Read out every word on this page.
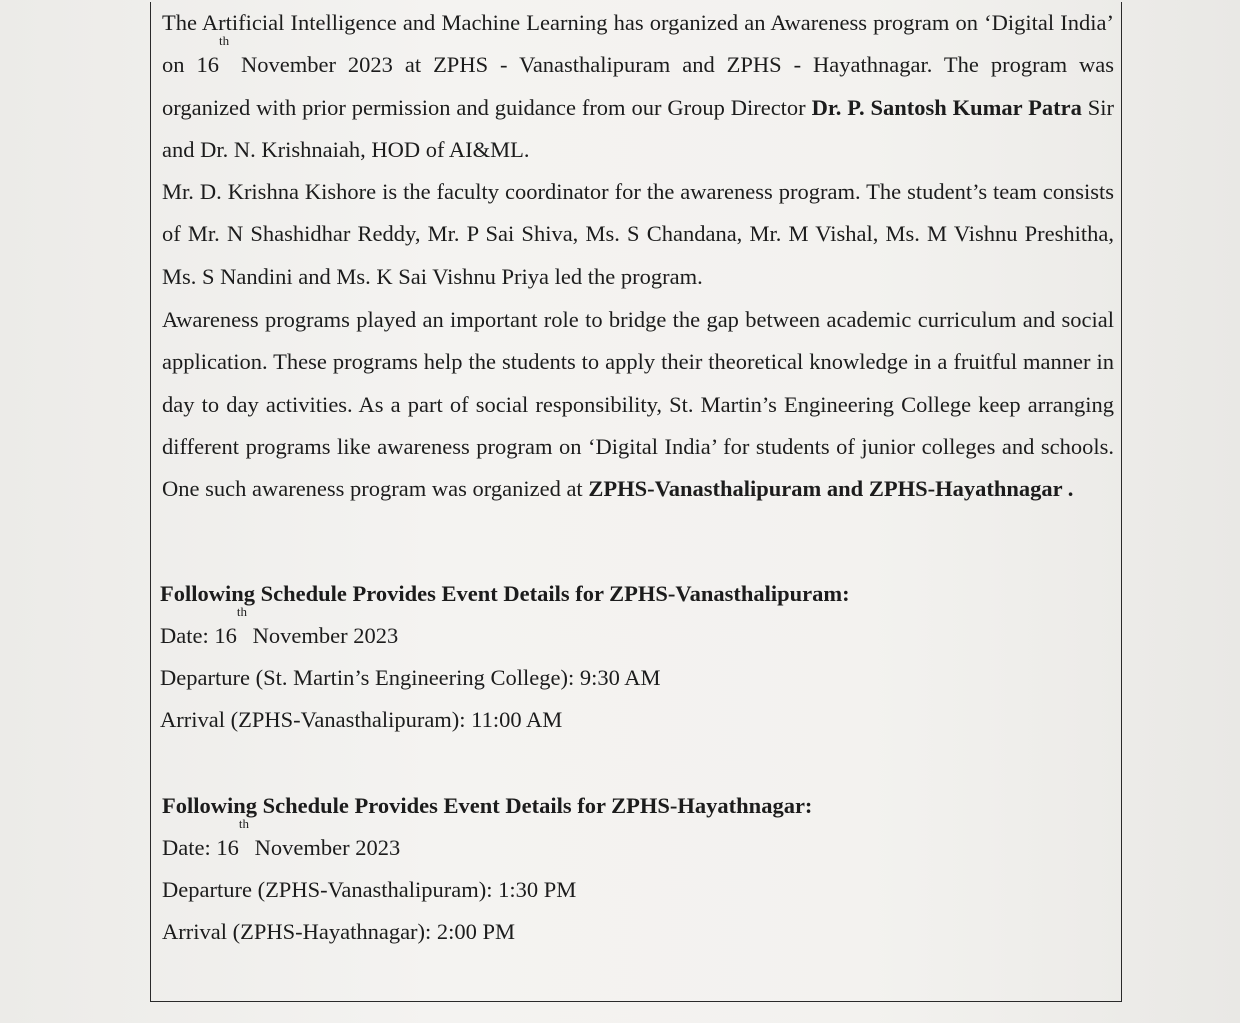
The Artificial Intelligence and Machine Learning has organized an Awareness program on ‘Digital India’ on 16th November 2023 at ZPHS - Vanasthalipuram and ZPHS - Hayathnagar. The program was organized with prior permission and guidance from our Group Director Dr. P. Santosh Kumar Patra Sir and Dr. N. Krishnaiah, HOD of AI&ML.

Mr. D. Krishna Kishore is the faculty coordinator for the awareness program. The student’s team consists of Mr. N Shashidhar Reddy, Mr. P Sai Shiva, Ms. S Chandana, Mr. M Vishal, Ms. M Vishnu Preshitha, Ms. S Nandini and Ms. K Sai Vishnu Priya led the program.

Awareness programs played an important role to bridge the gap between academic curriculum and social application. These programs help the students to apply their theoretical knowledge in a fruitful manner in day to day activities. As a part of social responsibility, St. Martin’s Engineering College keep arranging different programs like awareness program on ‘Digital India’ for students of junior colleges and schools. One such awareness program was organized at ZPHS-Vanasthalipuram and ZPHS-Hayathnagar .

Following Schedule Provides Event Details for ZPHS-Vanasthalipuram:
Date: 16th November 2023
Departure (St. Martin’s Engineering College): 9:30 AM
Arrival (ZPHS-Vanasthalipuram): 11:00 AM
Following Schedule Provides Event Details for ZPHS-Hayathnagar:
Date: 16th November 2023
Departure (ZPHS-Vanasthalipuram): 1:30 PM
Arrival (ZPHS-Hayathnagar): 2:00 PM
